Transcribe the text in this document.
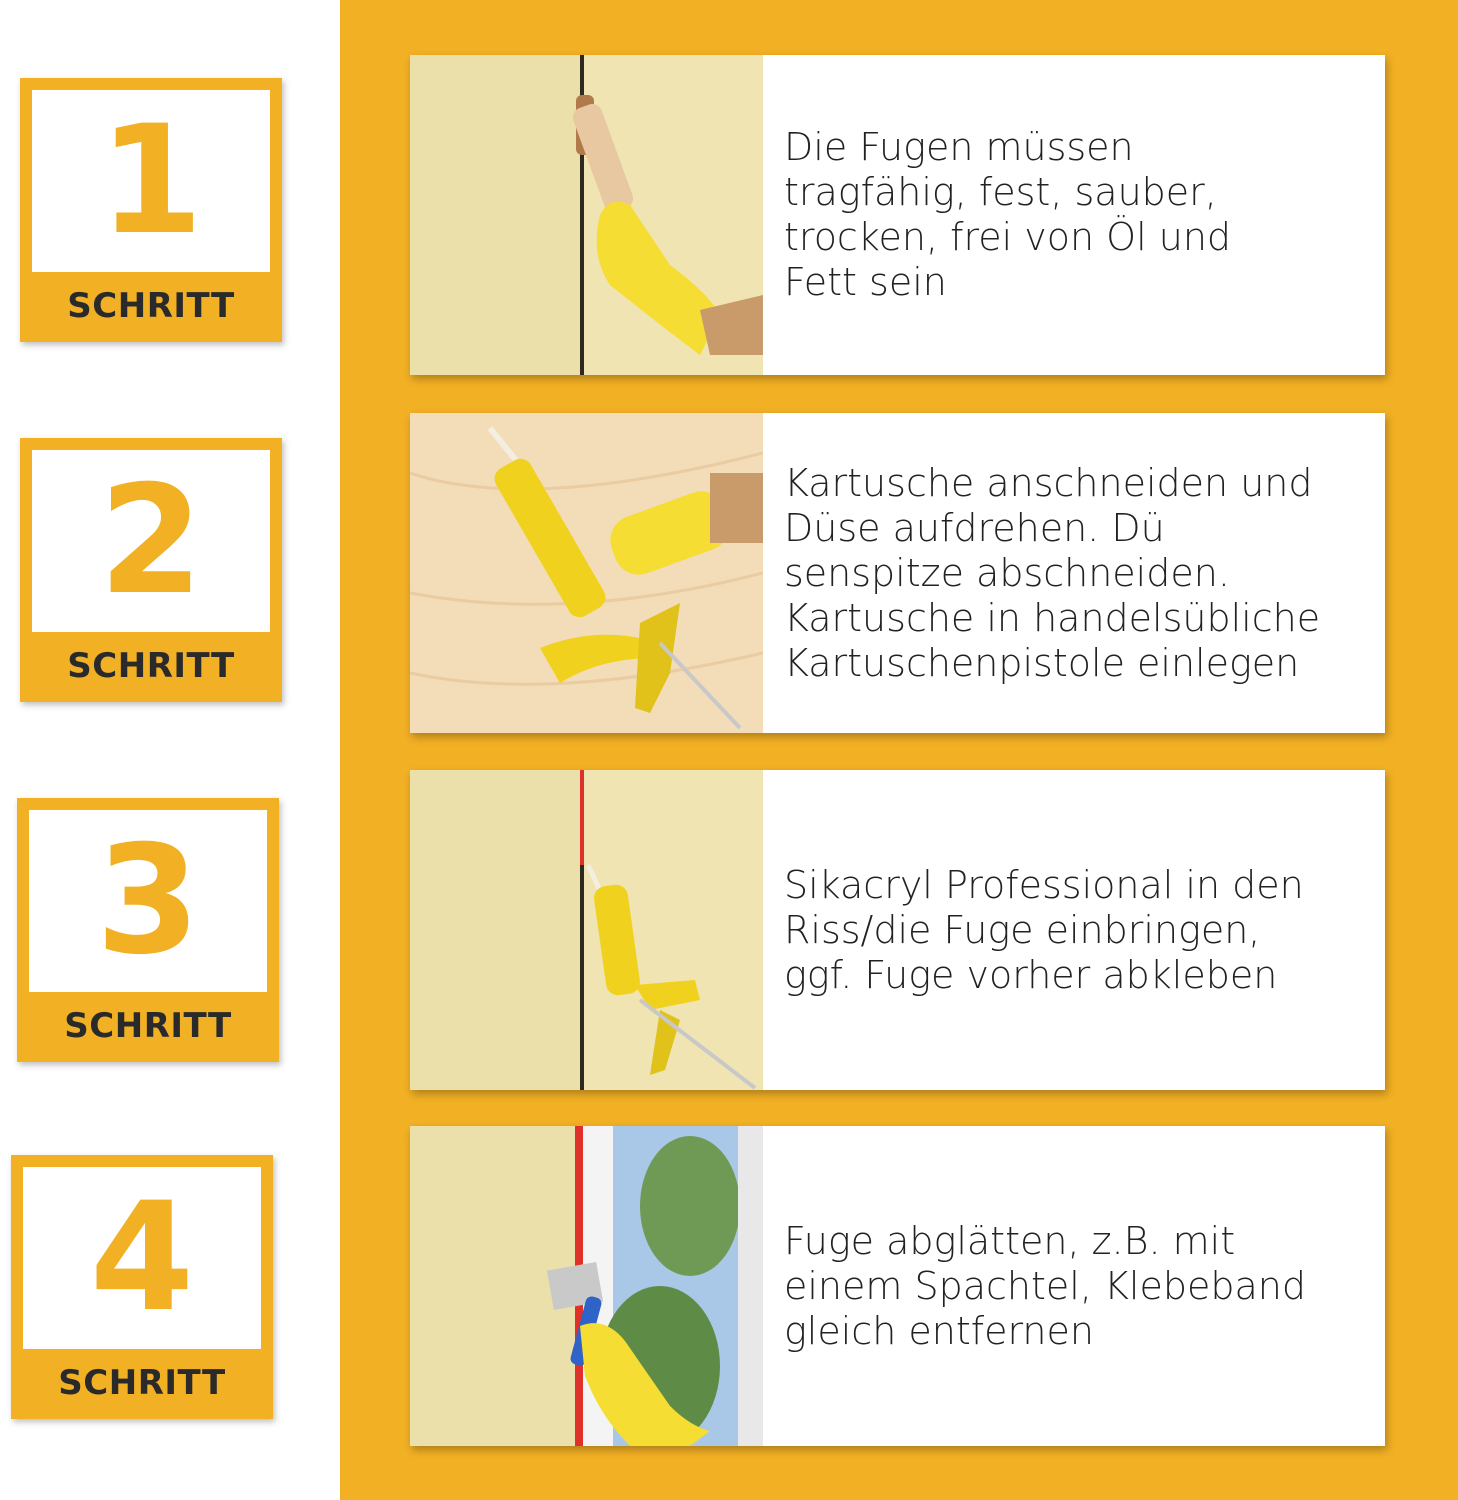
1
SCHRITT
Die Fugen müssen
tragfähig, fest, sauber,
trocken, frei von Öl und
Fett sein
2
SCHRITT
Kartusche anschneiden und
Düse aufdrehen. Dü
senspitze abschneiden.
Kartusche in handelsübliche
Kartuschenpistole einlegen
3
SCHRITT
Sikacryl Professional in den
Riss/die Fuge einbringen,
ggf. Fuge vorher abkleben
4
SCHRITT
Fuge abglätten, z.B. mit
einem Spachtel, Klebeband
gleich entfernen
